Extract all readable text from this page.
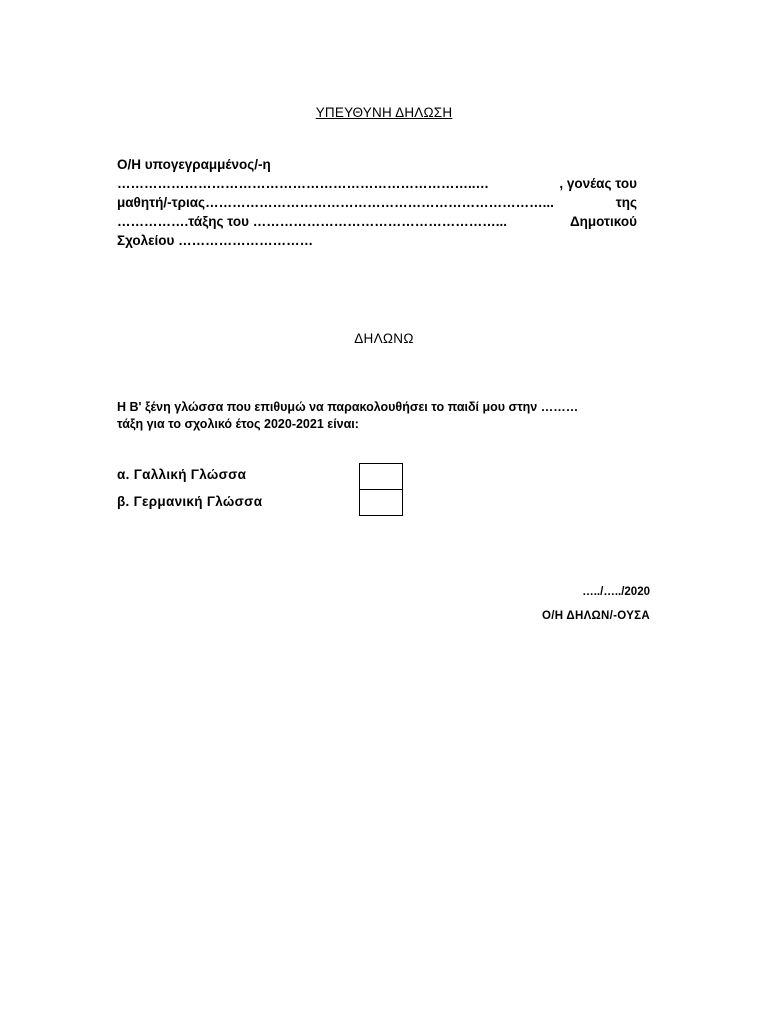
ΥΠΕΥΘΥΝΗ ΔΗΛΩΣΗ
Ο/Η υπογεγραμμένος/-η
……………………………………………………………………..…	, γονέας του
μαθητή/-τριας…………………………………………………………………...	της
…………….τάξης του ………………………………………………...	Δημοτικού
Σχολείου …………………………
ΔΗΛΩΝΩ
Η Β' ξένη γλώσσα που επιθυμώ να παρακολουθήσει το παιδί μου στην ………
τάξη για το σχολικό έτος 2020-2021 είναι:
α. Γαλλική Γλώσσα
β. Γερμανική Γλώσσα
…../…../2020
Ο/Η ΔΗΛΩΝ/-ΟΥΣΑ
